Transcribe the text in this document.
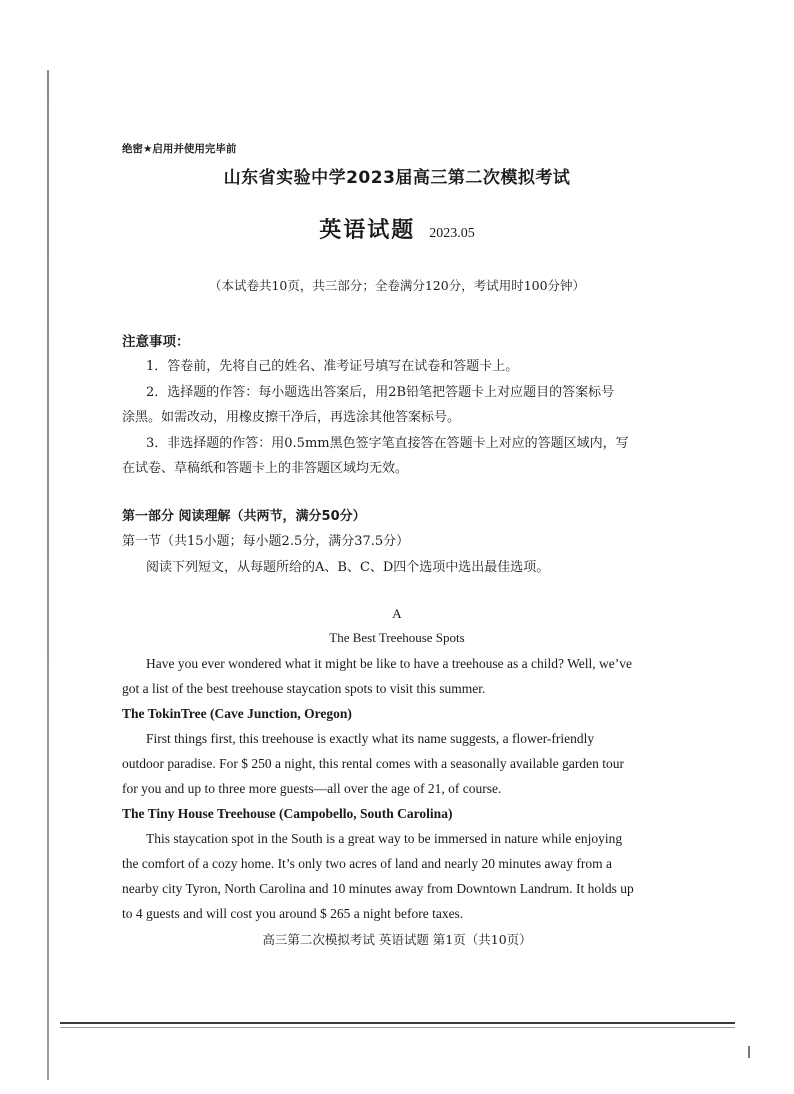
绝密★启用并使用完毕前
山东省实验中学2023届高三第二次模拟考试
英语试题 2023.05
（本试卷共10页，共三部分；全卷满分120分，考试用时100分钟）
注意事项：
1．答卷前，先将自己的姓名、准考证号填写在试卷和答题卡上。
2．选择题的作答：每小题选出答案后，用2B铅笔把答题卡上对应题目的答案标号
涂黑。如需改动，用橡皮擦干净后，再选涂其他答案标号。
3．非选择题的作答：用0.5mm黑色签字笔直接答在答题卡上对应的答题区域内，写
在试卷、草稿纸和答题卡上的非答题区域均无效。
第一部分 阅读理解（共两节，满分50分）
第一节（共15小题；每小题2.5分，满分37.5分）
阅读下列短文，从每题所给的A、B、C、D四个选项中选出最佳选项。
A
The Best Treehouse Spots
Have you ever wondered what it might be like to have a treehouse as a child? Well, we’ve
got a list of the best treehouse staycation spots to visit this summer.
The TokinTree (Cave Junction, Oregon)
First things first, this treehouse is exactly what its name suggests, a flower-friendly
outdoor paradise. For $ 250 a night, this rental comes with a seasonally available garden tour
for you and up to three more guests—all over the age of 21, of course.
The Tiny House Treehouse (Campobello, South Carolina)
This staycation spot in the South is a great way to be immersed in nature while enjoying
the comfort of a cozy home. It’s only two acres of land and nearly 20 minutes away from a
nearby city Tyron, North Carolina and 10 minutes away from Downtown Landrum. It holds up
to 4 guests and will cost you around $ 265 a night before taxes.
高三第二次模拟考试 英语试题 第1页（共10页）
